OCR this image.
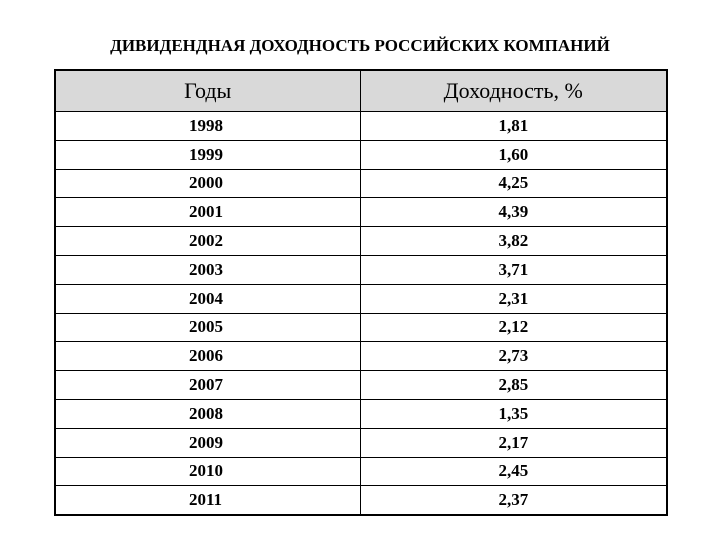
ДИВИДЕНДНАЯ ДОХОДНОСТЬ РОССИЙСКИХ КОМПАНИЙ
Годы	Доходность, %
1998	1,81
1999	1,60
2000	4,25
2001	4,39
2002	3,82
2003	3,71
2004	2,31
2005	2,12
2006	2,73
2007	2,85
2008	1,35
2009	2,17
2010	2,45
2011	2,37
